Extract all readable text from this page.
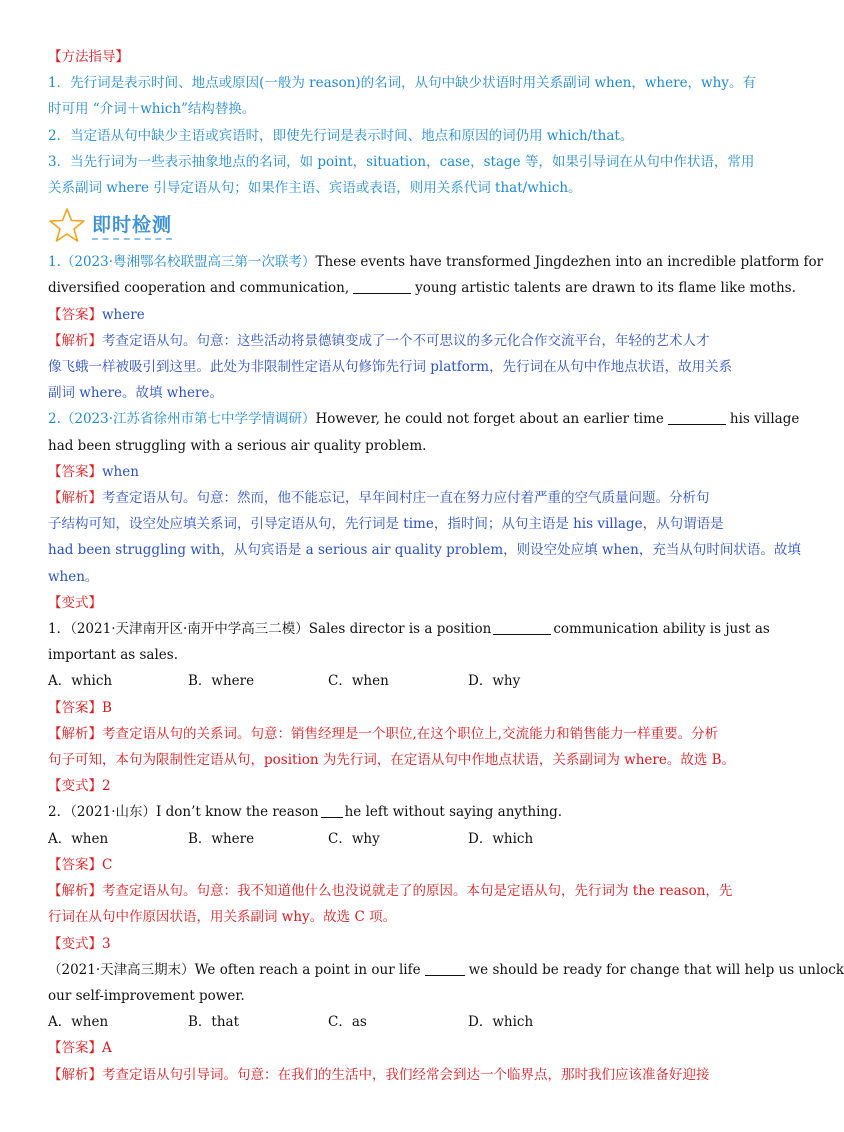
【方法指导】
1．先行词是表示时间、地点或原因(一般为 reason)的名词，从句中缺少状语时用关系副词 when，where，why。有
时可用 “介词＋which”结构替换。
2．当定语从句中缺少主语或宾语时，即使先行词是表示时间、地点和原因的词仍用 which/that。
3．当先行词为一些表示抽象地点的名词，如 point，situation，case，stage 等，如果引导词在从句中作状语，常用
关系副词 where 引导定语从句；如果作主语、宾语或表语，则用关系代词 that/which。
即时检测
1.（2023·粤湘鄂名校联盟高三第一次联考）These events have transformed Jingdezhen into an incredible platform for
diversified cooperation and communication,	young artistic talents are drawn to its flame like moths.
【答案】where
【解析】考查定语从句。句意：这些活动将景德镇变成了一个不可思议的多元化合作交流平台，年轻的艺术人才
像飞蛾一样被吸引到这里。此处为非限制性定语从句修饰先行词 platform，先行词在从句中作地点状语，故用关系
副词 where。故填 where。
2.（2023·江苏省徐州市第七中学学情调研）However, he could not forget about an earlier time	his village
had been struggling with a serious air quality problem.
【答案】when
【解析】考查定语从句。句意：然而，他不能忘记，早年间村庄一直在努力应付着严重的空气质量问题。分析句
子结构可知，设空处应填关系词，引导定语从句，先行词是 time，指时间；从句主语是 his village，从句谓语是
had been struggling with，从句宾语是 a serious air quality problem，则设空处应填 when，充当从句时间状语。故填
when。
【变式】
1．（2021·天津南开区·南开中学高三二模）Sales director is a position	communication ability is just as
important as sales.
A．which	B．where	C．when	D．why
【答案】B
【解析】考查定语从句的关系词。句意：销售经理是一个职位,在这个职位上,交流能力和销售能力一样重要。分析
句子可知，本句为限制性定语从句，position 为先行词，在定语从句中作地点状语，关系副词为 where。故选 B。
【变式】2
2．（2021·山东）I don’t know the reason he left without saying anything.
A．when	B．where	C．why	D．which
【答案】C
【解析】考查定语从句。句意：我不知道他什么也没说就走了的原因。本句是定语从句，先行词为 the reason，先
行词在从句中作原因状语，用关系副词 why。故选 C 项。
【变式】3
（2021·天津高三期末）We often reach a point in our life	we should be ready for change that will help us unlock
our self-improvement power.
A．when	B．that	C．as	D．which
【答案】A
【解析】考查定语从句引导词。句意：在我们的生活中，我们经常会到达一个临界点，那时我们应该准备好迎接
